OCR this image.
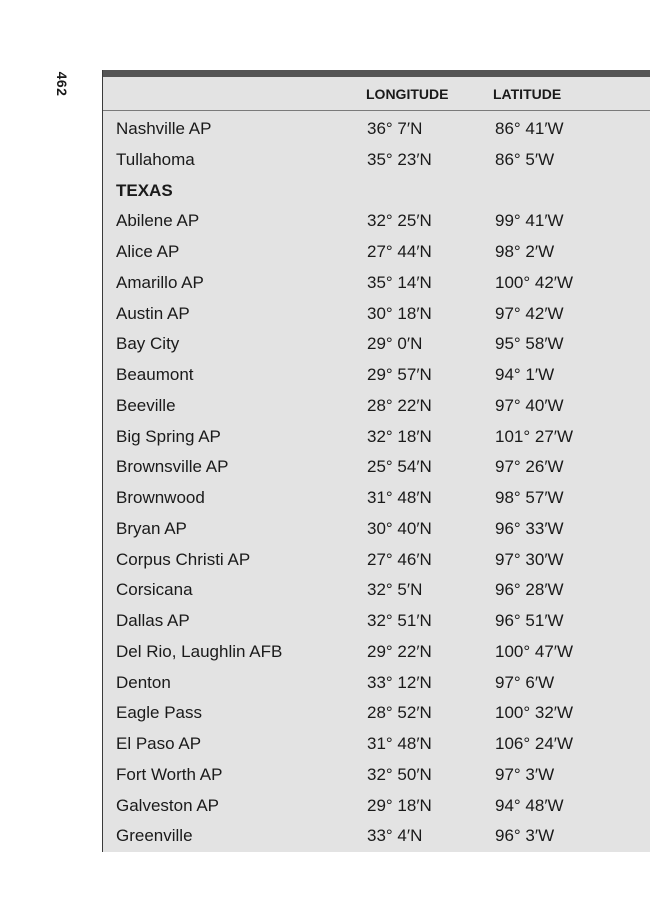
462	LONGITUDE	LATITUDE
Nashville AP	36° 7′N	86° 41′W
Tullahoma	35° 23′N	86° 5′W
TEXAS
Abilene AP	32° 25′N	99° 41′W
Alice AP	27° 44′N	98° 2′W
Amarillo AP	35° 14′N	100° 42′W
Austin AP	30° 18′N	97° 42′W
Bay City	29° 0′N	95° 58′W
Beaumont	29° 57′N	94° 1′W
Beeville	28° 22′N	97° 40′W
Big Spring AP	32° 18′N	101° 27′W
Brownsville AP	25° 54′N	97° 26′W
Brownwood	31° 48′N	98° 57′W
Bryan AP	30° 40′N	96° 33′W
Corpus Christi AP	27° 46′N	97° 30′W
Corsicana	32° 5′N	96° 28′W
Dallas AP	32° 51′N	96° 51′W
Del Rio, Laughlin AFB	29° 22′N	100° 47′W
Denton	33° 12′N	97° 6′W
Eagle Pass	28° 52′N	100° 32′W
El Paso AP	31° 48′N	106° 24′W
Fort Worth AP	32° 50′N	97° 3′W
Galveston AP	29° 18′N	94° 48′W
Greenville	33° 4′N	96° 3′W
